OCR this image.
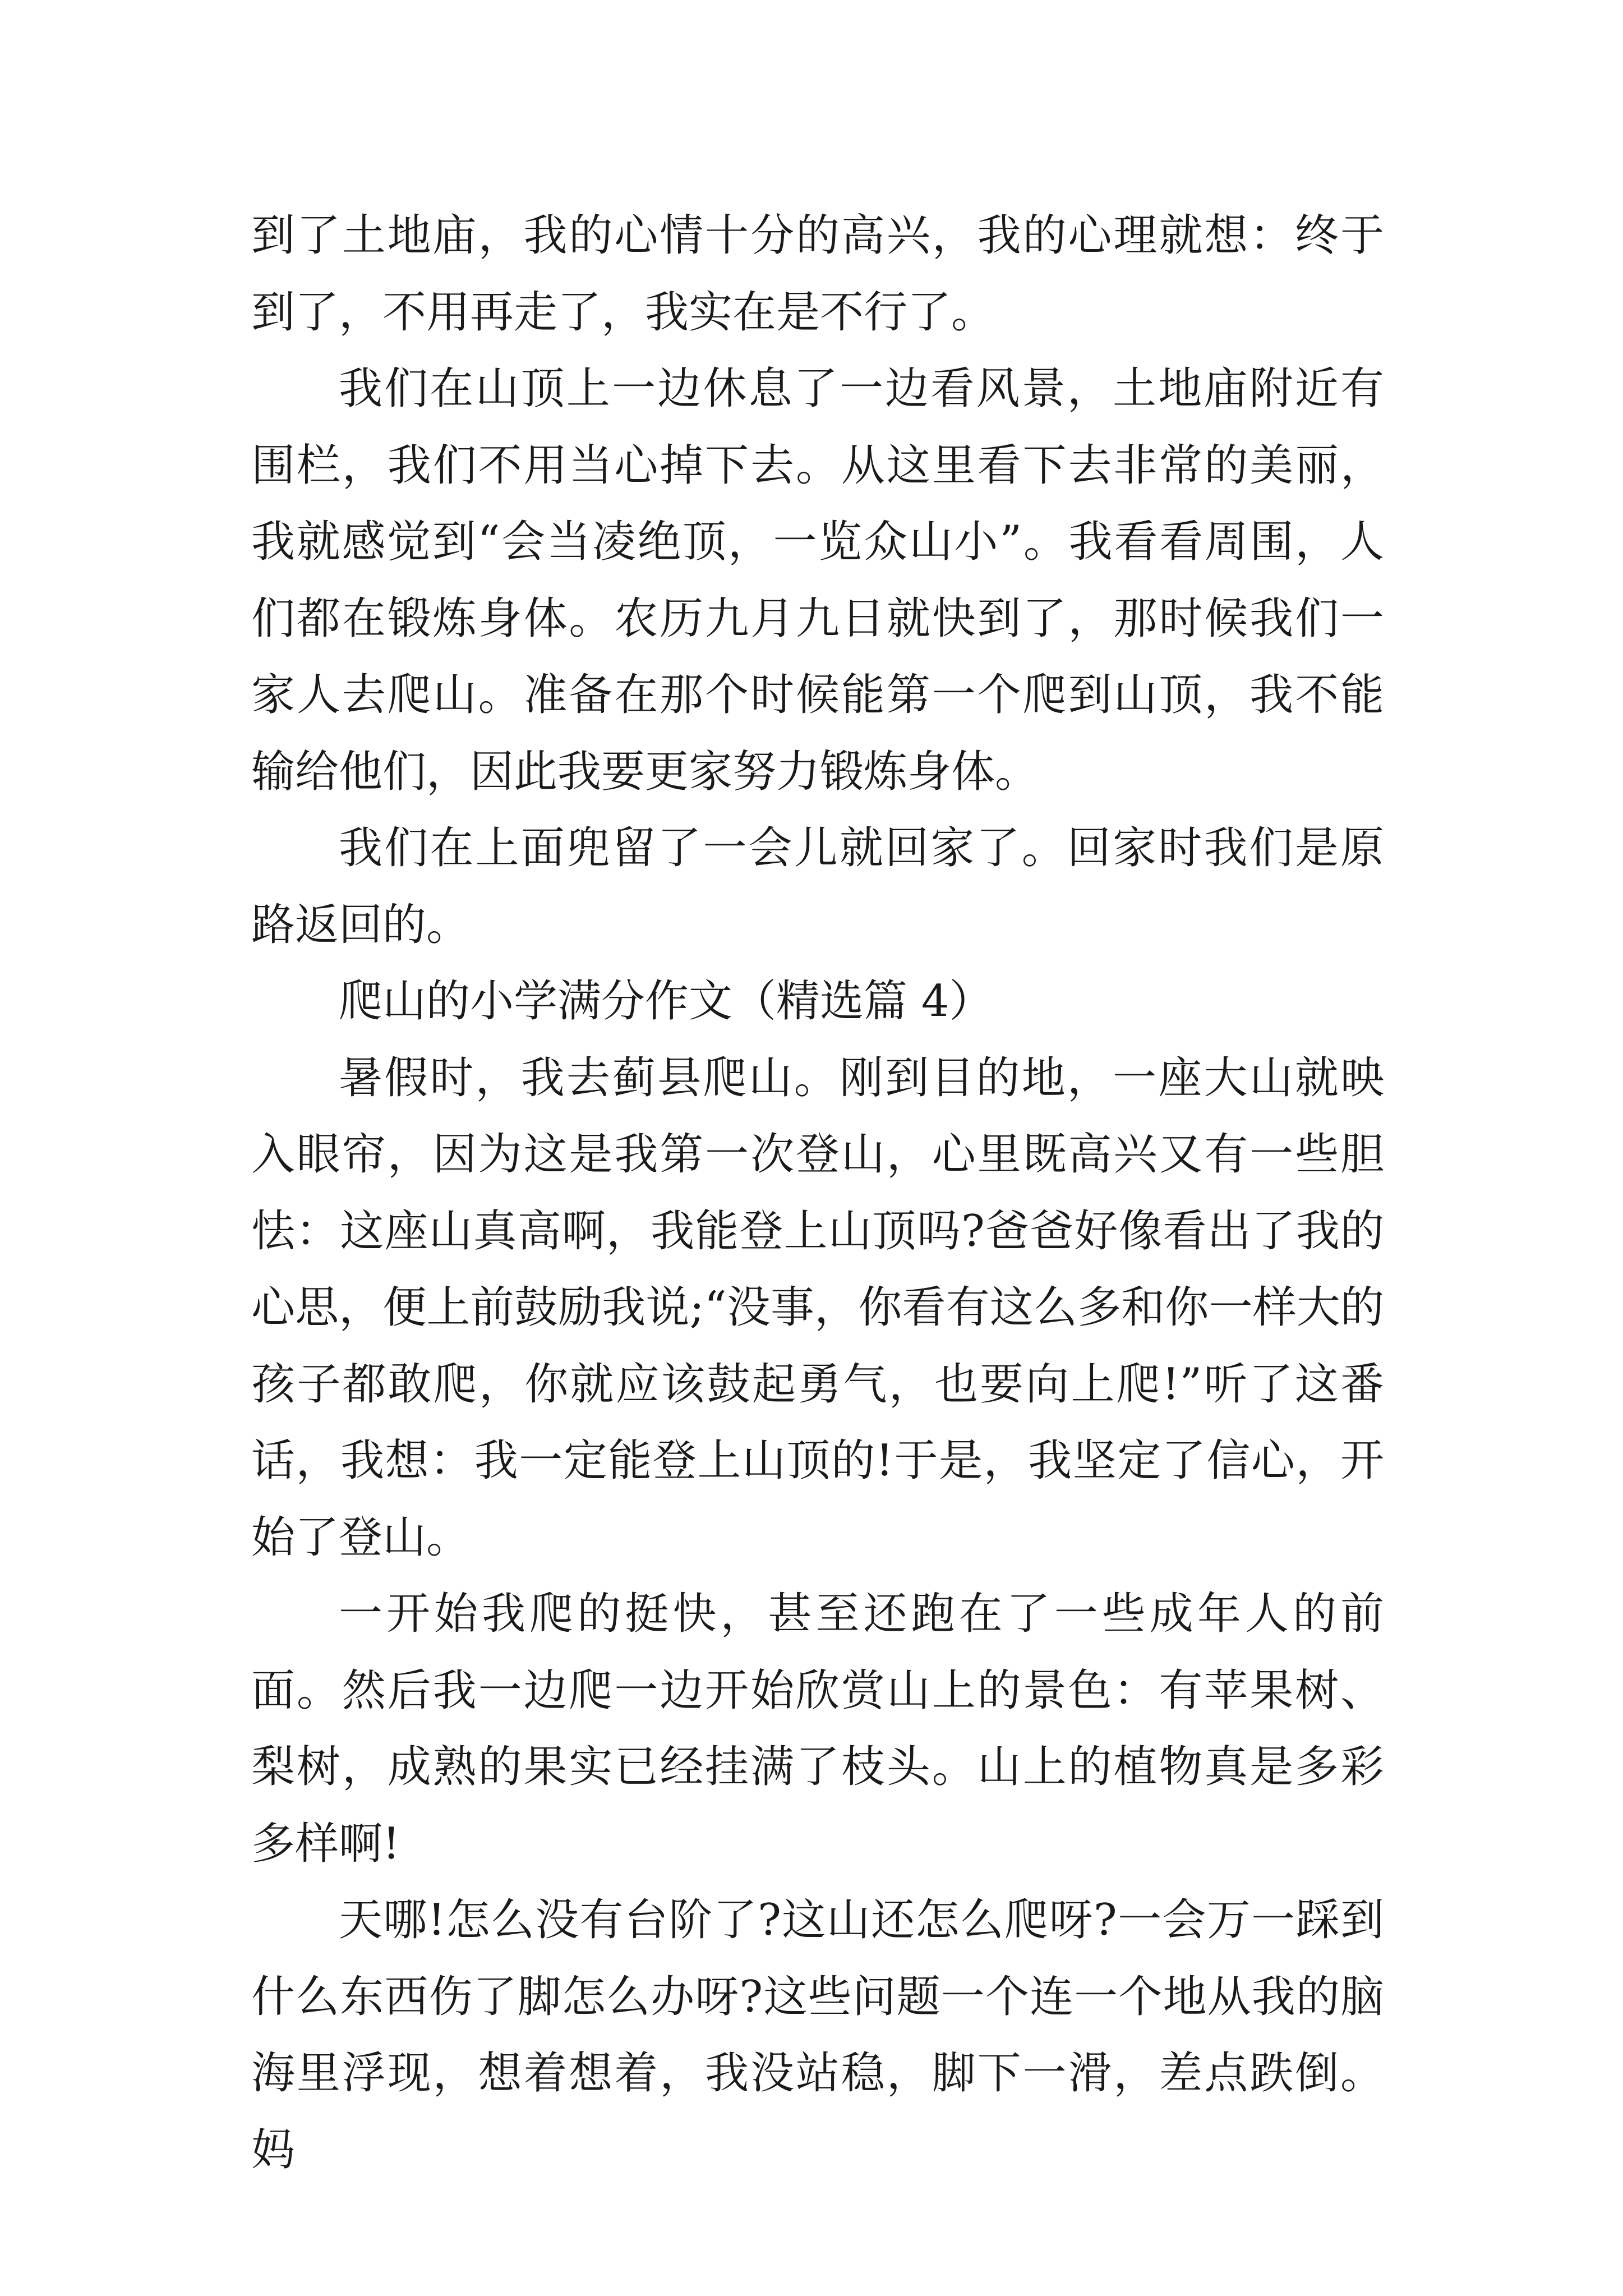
到了土地庙，我的心情十分的高兴，我的心理就想：终于到了，不用再走了，我实在是不行了。

我们在山顶上一边休息了一边看风景，土地庙附近有围栏，我们不用当心掉下去。从这里看下去非常的美丽，我就感觉到“会当凌绝顶，一览众山小”。我看看周围，人们都在锻炼身体。农历九月九日就快到了，那时候我们一家人去爬山。准备在那个时候能第一个爬到山顶，我不能输给他们，因此我要更家努力锻炼身体。

我们在上面兜留了一会儿就回家了。回家时我们是原路返回的。

爬山的小学满分作文（精选篇 4）

暑假时，我去蓟县爬山。刚到目的地，一座大山就映入眼帘，因为这是我第一次登山，心里既高兴又有一些胆怯：这座山真高啊，我能登上山顶吗?爸爸好像看出了我的心思，便上前鼓励我说;“没事，你看有这么多和你一样大的孩子都敢爬，你就应该鼓起勇气，也要向上爬!”听了这番话，我想：我一定能登上山顶的!于是，我坚定了信心，开始了登山。

一开始我爬的挺快，甚至还跑在了一些成年人的前面。然后我一边爬一边开始欣赏山上的景色：有苹果树、梨树，成熟的果实已经挂满了枝头。山上的植物真是多彩多样啊!

天哪!怎么没有台阶了?这山还怎么爬呀?一会万一踩到什么东西伤了脚怎么办呀?这些问题一个连一个地从我的脑海里浮现，想着想着，我没站稳，脚下一滑，差点跌倒。妈
